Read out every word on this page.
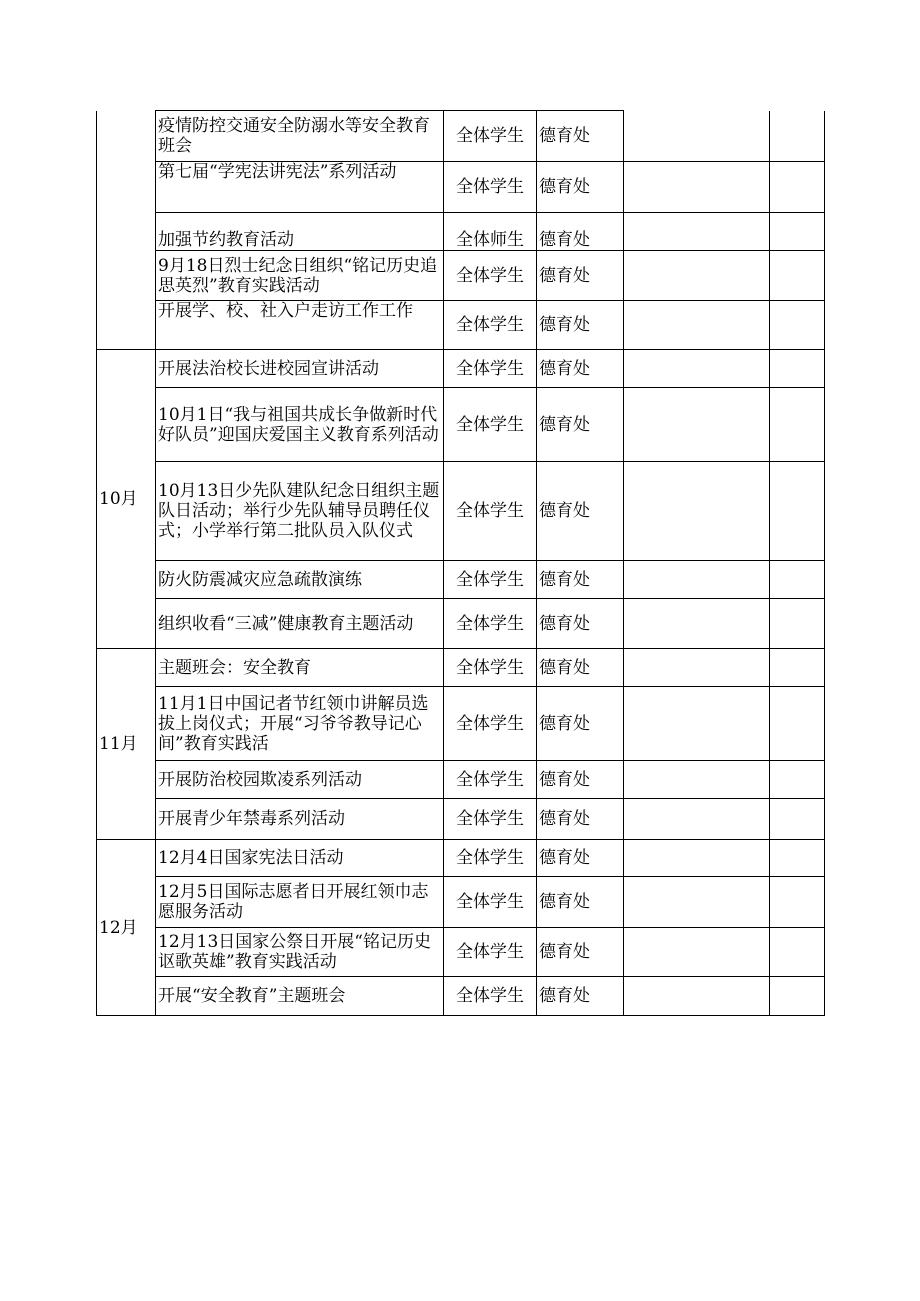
	疫情防控交通安全防溺水等安全教育班会	全体学生	德育处		
	第七届“学宪法讲宪法”系列活动	全体学生	德育处		
	加强节约教育活动	全体师生	德育处		
	9月18日烈士纪念日组织“铭记历史追思英烈”教育实践活动	全体学生	德育处		
	开展学、校、社入户走访工作工作	全体学生	德育处		
10月	开展法治校长进校园宣讲活动	全体学生	德育处		
	10月1日“我与祖国共成长争做新时代好队员”迎国庆爱国主义教育系列活动	全体学生	德育处		
	10月13日少先队建队纪念日组织主题队日活动；举行少先队辅导员聘任仪式；小学举行第二批队员入队仪式	全体学生	德育处		
	防火防震减灾应急疏散演练	全体学生	德育处		
	组织收看“三减”健康教育主题活动	全体学生	德育处		
11月	主题班会：安全教育	全体学生	德育处		
	11月1日中国记者节红领巾讲解员选拔上岗仪式；开展“习爷爷教导记心间”教育实践活	全体学生	德育处		
	开展防治校园欺凌系列活动	全体学生	德育处		
	开展青少年禁毒系列活动	全体学生	德育处		
12月	12月4日国家宪法日活动	全体学生	德育处		
	12月5日国际志愿者日开展红领巾志愿服务活动	全体学生	德育处		
	12月13日国家公祭日开展“铭记历史讴歌英雄”教育实践活动	全体学生	德育处		
	开展“安全教育”主题班会	全体学生	德育处		
